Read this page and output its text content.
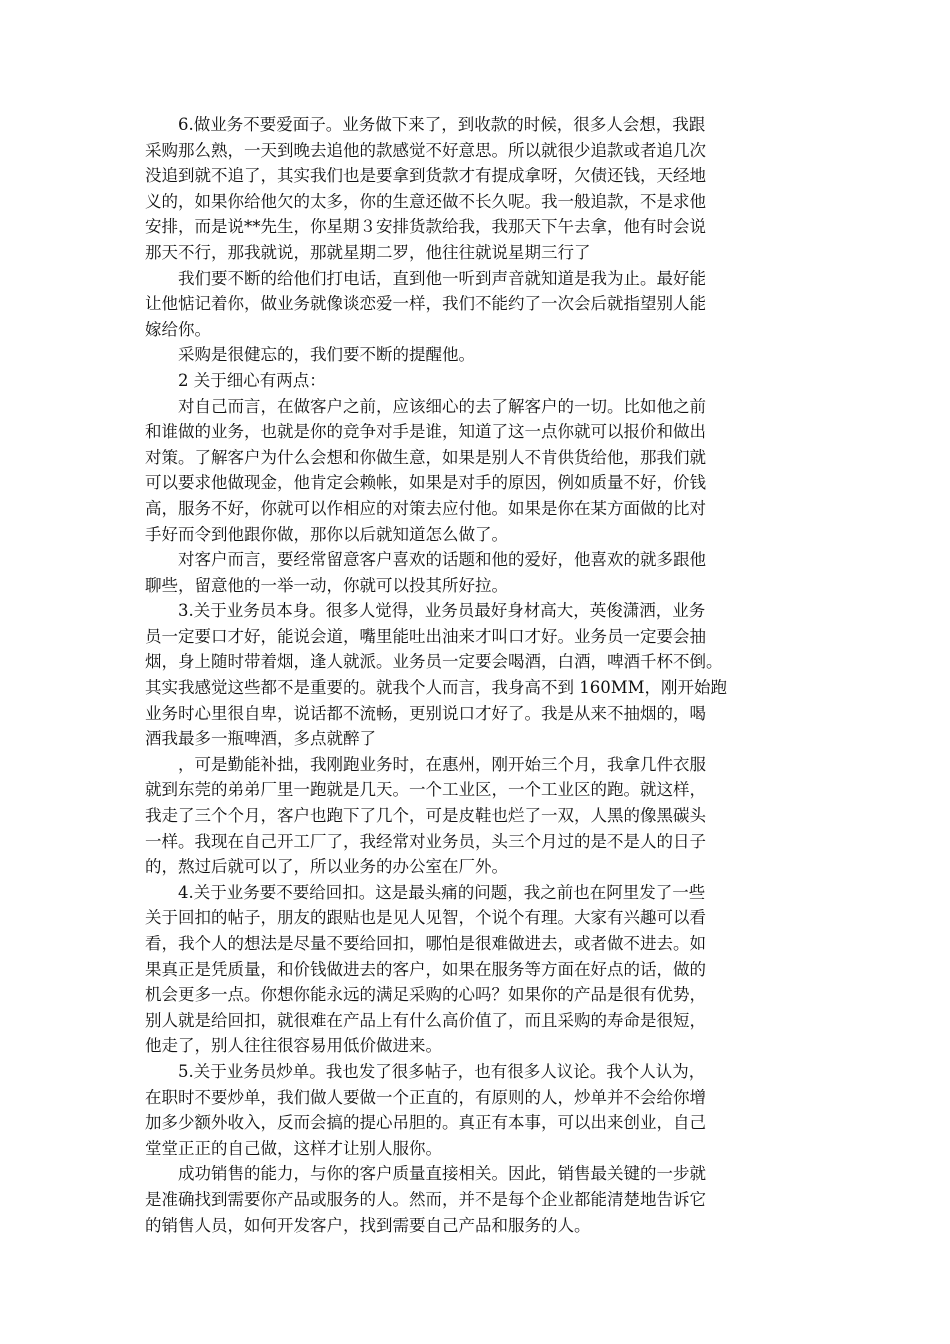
6.做业务不要爱面子。业务做下来了，到收款的时候，很多人会想，我跟
采购那么熟，一天到晚去追他的款感觉不好意思。所以就很少追款或者追几次
没追到就不追了，其实我们也是要拿到货款才有提成拿呀，欠债还钱，天经地
义的，如果你给他欠的太多，你的生意还做不长久呢。我一般追款，不是求他
安排，而是说**先生，你星期３安排货款给我，我那天下午去拿，他有时会说
那天不行，那我就说，那就星期二罗，他往往就说星期三行了
我们要不断的给他们打电话，直到他一听到声音就知道是我为止。最好能
让他惦记着你，做业务就像谈恋爱一样，我们不能约了一次会后就指望别人能
嫁给你。
采购是很健忘的，我们要不断的提醒他。
2 关于细心有两点：
对自己而言，在做客户之前，应该细心的去了解客户的一切。比如他之前
和谁做的业务，也就是你的竞争对手是谁，知道了这一点你就可以报价和做出
对策。了解客户为什么会想和你做生意，如果是别人不肯供货给他，那我们就
可以要求他做现金，他肯定会赖帐，如果是对手的原因，例如质量不好，价钱
高，服务不好，你就可以作相应的对策去应付他。如果是你在某方面做的比对
手好而令到他跟你做，那你以后就知道怎么做了。
对客户而言，要经常留意客户喜欢的话题和他的爱好，他喜欢的就多跟他
聊些，留意他的一举一动，你就可以投其所好拉。
3.关于业务员本身。很多人觉得，业务员最好身材高大，英俊潇洒，业务
员一定要口才好，能说会道，嘴里能吐出油来才叫口才好。业务员一定要会抽
烟，身上随时带着烟，逢人就派。业务员一定要会喝酒，白酒，啤酒千杯不倒。
其实我感觉这些都不是重要的。就我个人而言，我身高不到 160MM，刚开始跑
业务时心里很自卑，说话都不流畅，更别说口才好了。我是从来不抽烟的，喝
酒我最多一瓶啤酒，多点就醉了
，可是勤能补拙，我刚跑业务时，在惠州，刚开始三个月，我拿几件衣服
就到东莞的弟弟厂里一跑就是几天。一个工业区，一个工业区的跑。就这样，
我走了三个个月，客户也跑下了几个，可是皮鞋也烂了一双，人黑的像黑碳头
一样。我现在自己开工厂了，我经常对业务员，头三个月过的是不是人的日子
的，熬过后就可以了，所以业务的办公室在厂外。
4.关于业务要不要给回扣。这是最头痛的问题，我之前也在阿里发了一些
关于回扣的帖子，朋友的跟贴也是见人见智，个说个有理。大家有兴趣可以看
看，我个人的想法是尽量不要给回扣，哪怕是很难做进去，或者做不进去。如
果真正是凭质量，和价钱做进去的客户，如果在服务等方面在好点的话，做的
机会更多一点。你想你能永远的满足采购的心吗？如果你的产品是很有优势，
别人就是给回扣，就很难在产品上有什么高价值了，而且采购的寿命是很短，
他走了，别人往往很容易用低价做进来。
5.关于业务员炒单。我也发了很多帖子，也有很多人议论。我个人认为，
在职时不要炒单，我们做人要做一个正直的，有原则的人，炒单并不会给你增
加多少额外收入，反而会搞的提心吊胆的。真正有本事，可以出来创业，自己
堂堂正正的自己做，这样才让别人服你。
成功销售的能力，与你的客户质量直接相关。因此，销售最关键的一步就
是准确找到需要你产品或服务的人。然而，并不是每个企业都能清楚地告诉它
的销售人员，如何开发客户，找到需要自己产品和服务的人。
